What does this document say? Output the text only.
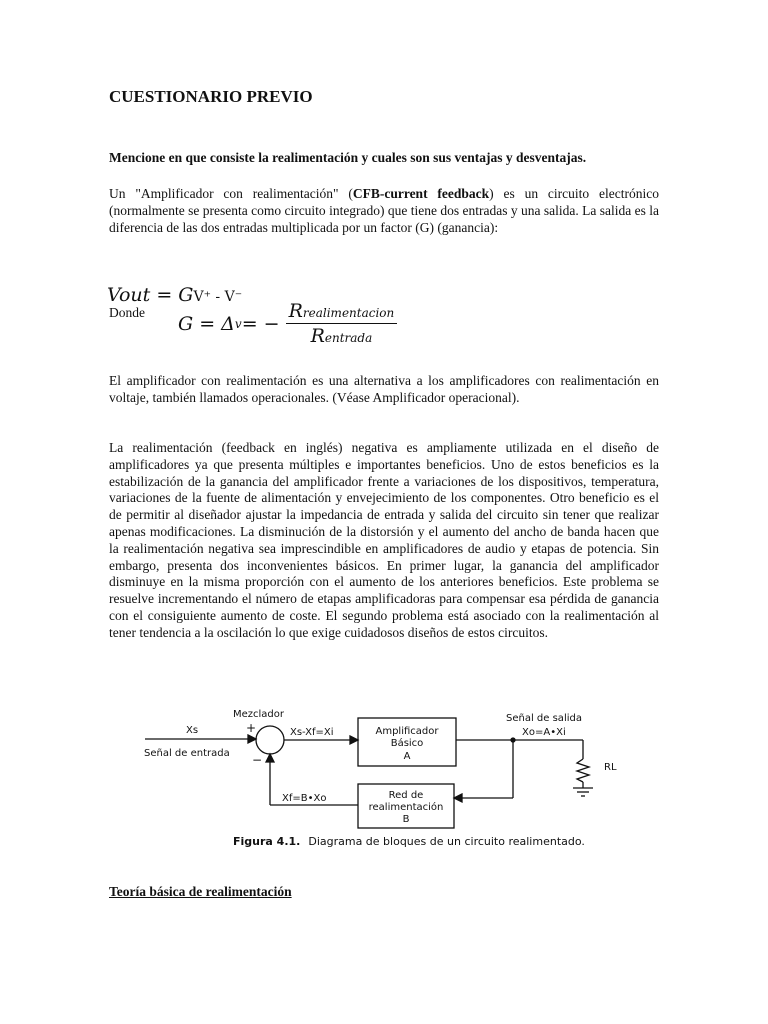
CUESTIONARIO PREVIO
Mencione en que consiste la realimentación y cuales son sus ventajas y desventajas.

Un "Amplificador con realimentación" (CFB-current feedback) es un circuito electrónico (normalmente se presenta como circuito integrado) que tiene dos entradas y una salida. La salida es la diferencia de las dos entradas multiplicada por un factor (G) (ganancia):

Vout = GV⁺ - V⁻
Donde G = Δ v = − $\frac{\text{Rrealimentacion}}{\text{Rentrada}}$

El amplificador con realimentación es una alternativa a los amplificadores con realimentación en voltaje, también llamados operacionales. (Véase Amplificador operacional).

La realimentación (feedback en inglés) negativa es ampliamente utilizada en el diseño de amplificadores ya que presenta múltiples e importantes beneficios. Uno de estos beneficios es la estabilización de la ganancia del amplificador frente a variaciones de los dispositivos, temperatura, variaciones de la fuente de alimentación y envejecimiento de los componentes. Otro beneficio es el de permitir al diseñador ajustar la impedancia de entrada y salida del circuito sin tener que realizar apenas modificaciones. La disminución de la distorsión y el aumento del ancho de banda hacen que la realimentación negativa sea imprescindible en amplificadores de audio y etapas de potencia. Sin embargo, presenta dos inconvenientes básicos. En primer lugar, la ganancia del amplificador disminuye en la misma proporción con el aumento de los anteriores beneficios. Este problema se resuelve incrementando el número de etapas amplificadoras para compensar esa pérdida de ganancia con el consiguiente aumento de coste. El segundo problema está asociado con la realimentación al tener tendencia a la oscilación lo que exige cuidadosos diseños de estos circuitos.

Mezclador
+
−
Xs
Señal de entrada
Xs-Xf=Xi	Amplificador
Básico
A
Señal de salida
Xo=A•Xi
RL
Red de
realimentación
B
Xf=B•Xo
Figura 4.1. Diagrama de bloques de un circuito realimentado.
Teoría básica de realimentación
